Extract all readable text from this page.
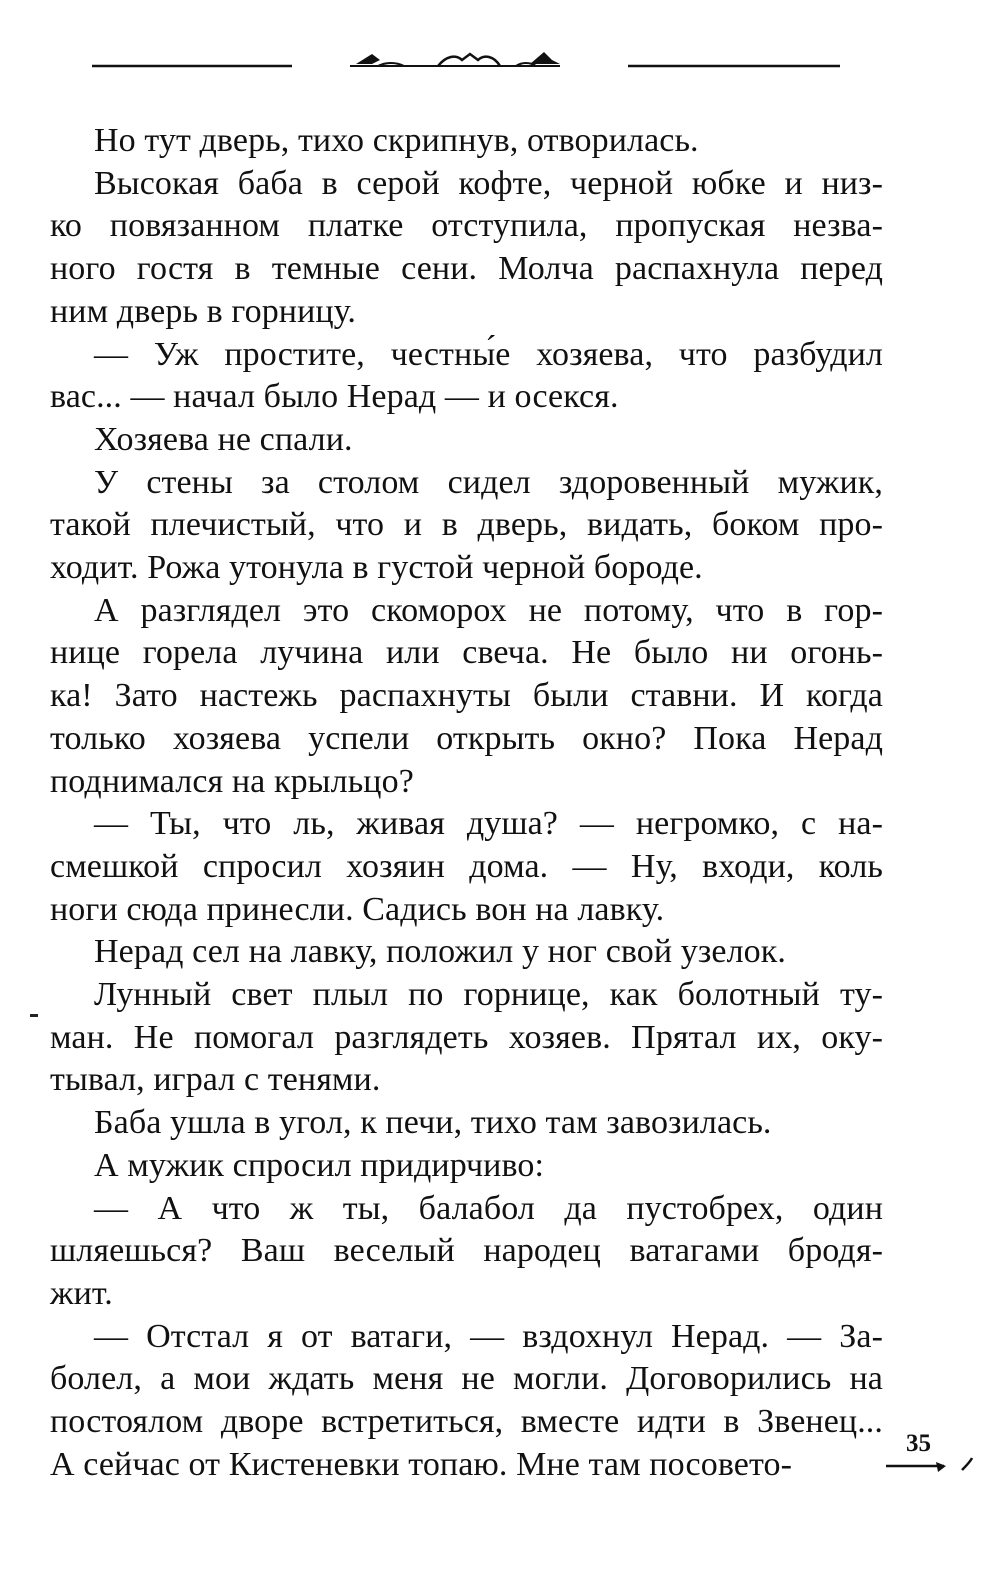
Но тут дверь, тихо скрипнув, отворилась.

Высокая баба в серой кофте, черной юбке и низ-
ко повязанном платке отступила, пропуская незва-
ного гостя в темные сени. Молча распахнула перед
ним дверь в горницу.

— Уж простите, честны́е хозяева, что разбудил
вас... — начал было Нерад — и осекся.

Хозяева не спали.

У стены за столом сидел здоровенный мужик,
такой плечистый, что и в дверь, видать, боком про-
ходит. Рожа утонула в густой черной бороде.

А разглядел это скоморох не потому, что в гор-
нице горела лучина или свеча. Не было ни огонь-
ка! Зато настежь распахнуты были ставни. И когда
только хозяева успели открыть окно? Пока Нерад
поднимался на крыльцо?

— Ты, что ль, живая душа? — негромко, с на-
смешкой спросил хозяин дома. — Ну, входи, коль
ноги сюда принесли. Садись вон на лавку.

Нерад сел на лавку, положил у ног свой узелок.

Лунный свет плыл по горнице, как болотный ту-
ман. Не помогал разглядеть хозяев. Прятал их, оку-
тывал, играл с тенями.

Баба ушла в угол, к печи, тихо там завозилась.

А мужик спросил придирчиво:

— А что ж ты, балабол да пустобрех, один
шляешься? Ваш веселый народец ватагами бродя-
жит.

— Отстал я от ватаги, — вздохнул Нерад. — За-
болел, а мои ждать меня не могли. Договорились на
постоялом дворе встретиться, вместе идти в Звенец...
А сейчас от Кистеневки топаю. Мне там посовето-

35
